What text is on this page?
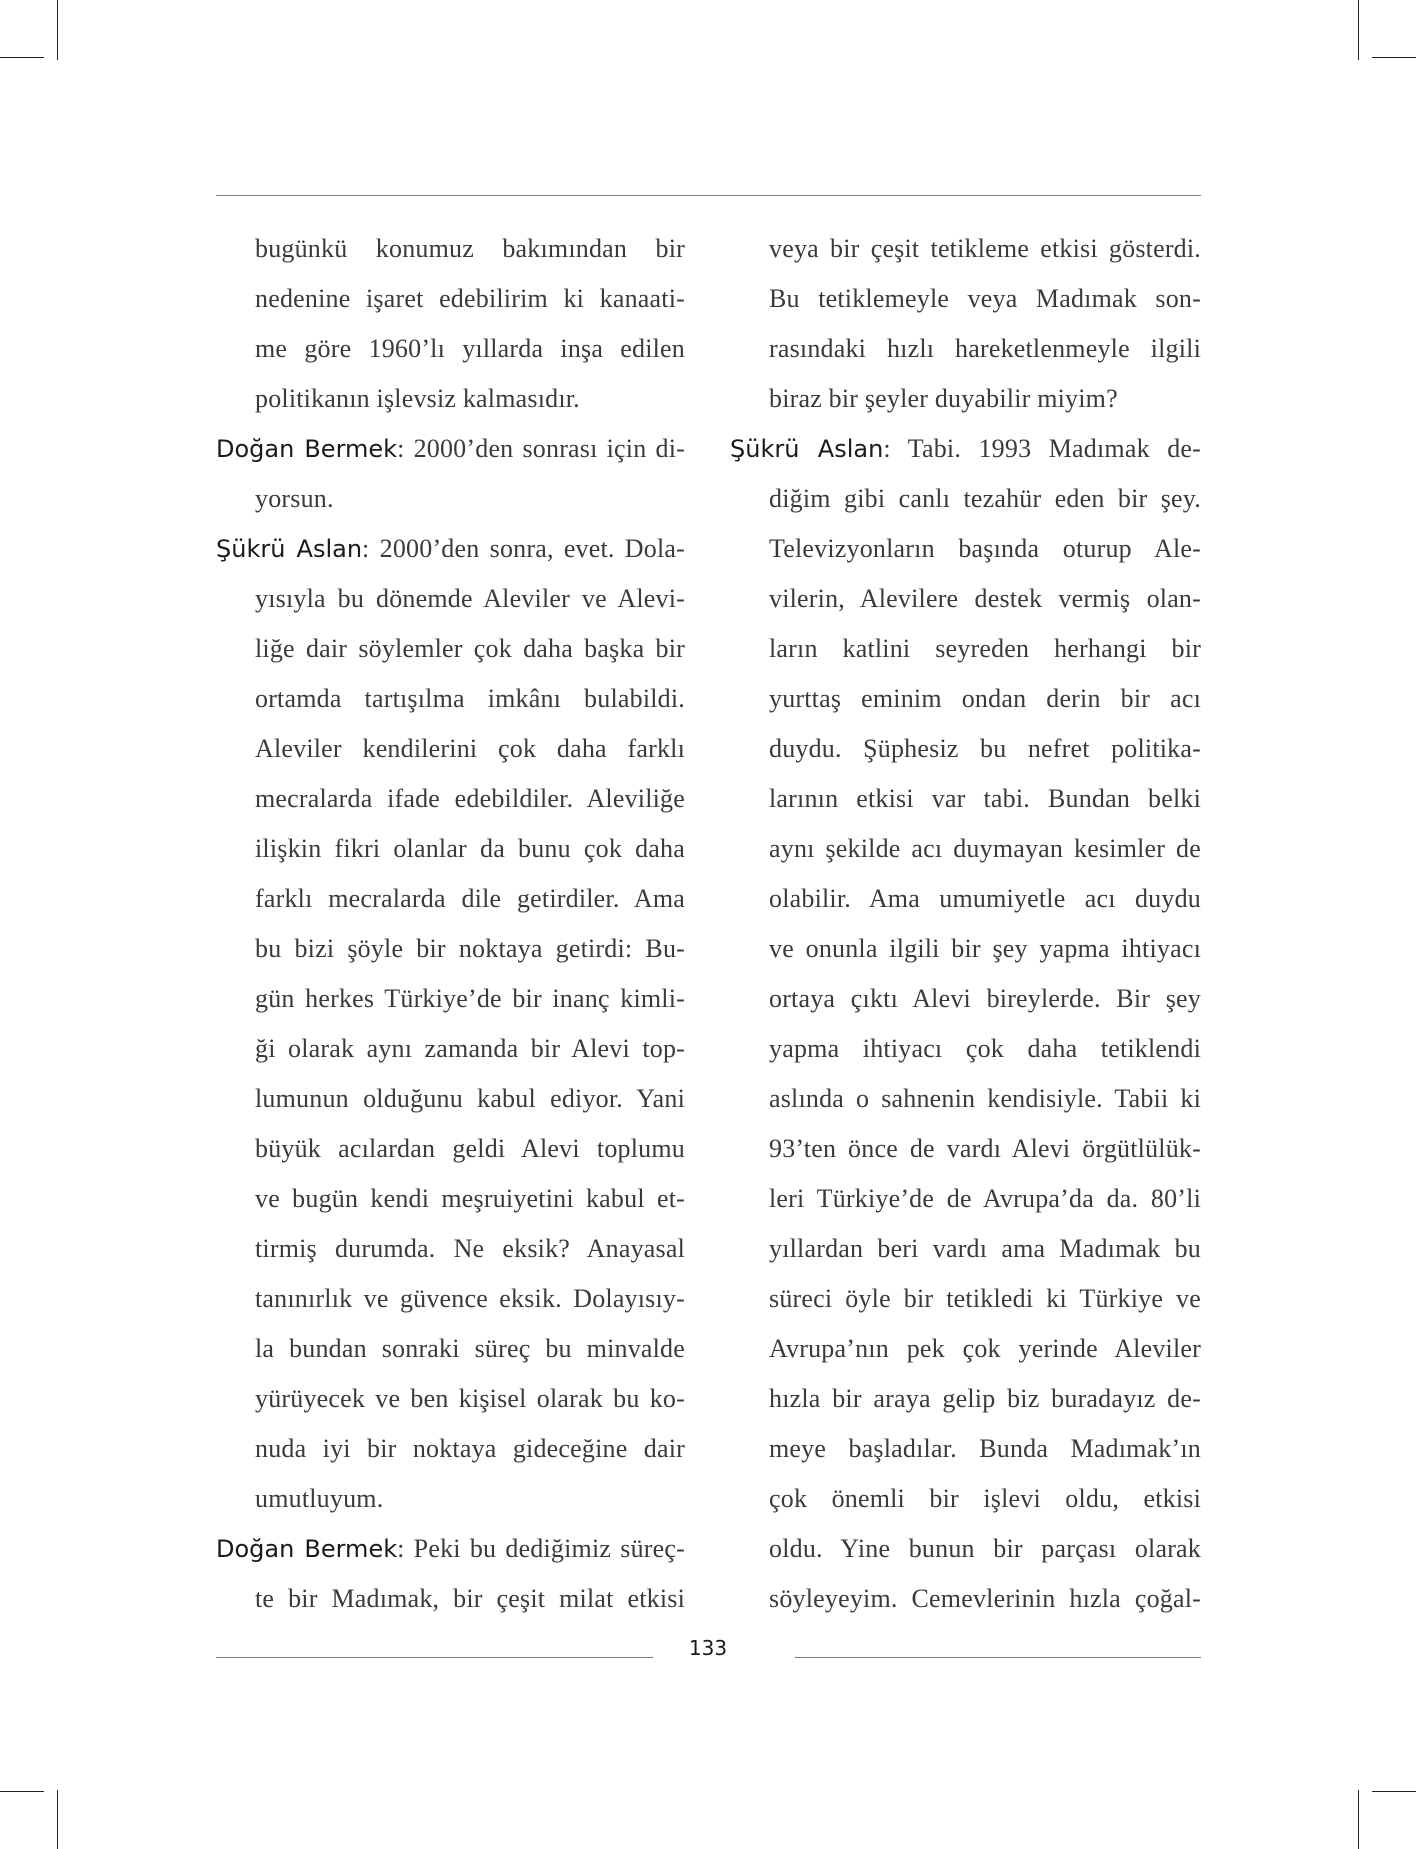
bugünkü konumuz bakımından bir
nedenine işaret edebilirim ki kanaati-
me göre 1960’lı yıllarda inşa edilen
politikanın işlevsiz kalmasıdır.
Doğan Bermek: 2000’den sonrası için di-
yorsun.
Şükrü Aslan: 2000’den sonra, evet. Dola-
yısıyla bu dönemde Aleviler ve Alevi-
liğe dair söylemler çok daha başka bir
ortamda tartışılma imkânı bulabildi.
Aleviler kendilerini çok daha farklı
mecralarda ifade edebildiler. Aleviliğe
ilişkin fikri olanlar da bunu çok daha
farklı mecralarda dile getirdiler. Ama
bu bizi şöyle bir noktaya getirdi: Bu-
gün herkes Türkiye’de bir inanç kimli-
ği olarak aynı zamanda bir Alevi top-
lumunun olduğunu kabul ediyor. Yani
büyük acılardan geldi Alevi toplumu
ve bugün kendi meşruiyetini kabul et-
tirmiş durumda. Ne eksik? Anayasal
tanınırlık ve güvence eksik. Dolayısıy-
la bundan sonraki süreç bu minvalde
yürüyecek ve ben kişisel olarak bu ko-
nuda iyi bir noktaya gideceğine dair
umutluyum.
Doğan Bermek: Peki bu dediğimiz süreç-
te bir Madımak, bir çeşit milat etkisi
veya bir çeşit tetikleme etkisi gösterdi.
Bu tetiklemeyle veya Madımak son-
rasındaki hızlı hareketlenmeyle ilgili
biraz bir şeyler duyabilir miyim?
Şükrü Aslan: Tabi. 1993 Madımak de-
diğim gibi canlı tezahür eden bir şey.
Televizyonların başında oturup Ale-
vilerin, Alevilere destek vermiş olan-
ların katlini seyreden herhangi bir
yurttaş eminim ondan derin bir acı
duydu. Şüphesiz bu nefret politika-
larının etkisi var tabi. Bundan belki
aynı şekilde acı duymayan kesimler de
olabilir. Ama umumiyetle acı duydu
ve onunla ilgili bir şey yapma ihtiyacı
ortaya çıktı Alevi bireylerde. Bir şey
yapma ihtiyacı çok daha tetiklendi
aslında o sahnenin kendisiyle. Tabii ki
93’ten önce de vardı Alevi örgütlülük-
leri Türkiye’de de Avrupa’da da. 80’li
yıllardan beri vardı ama Madımak bu
süreci öyle bir tetikledi ki Türkiye ve
Avrupa’nın pek çok yerinde Aleviler
hızla bir araya gelip biz buradayız de-
meye başladılar. Bunda Madımak’ın
çok önemli bir işlevi oldu, etkisi
oldu. Yine bunun bir parçası olarak
söyleyeyim. Cemevlerinin hızla çoğal-
133
